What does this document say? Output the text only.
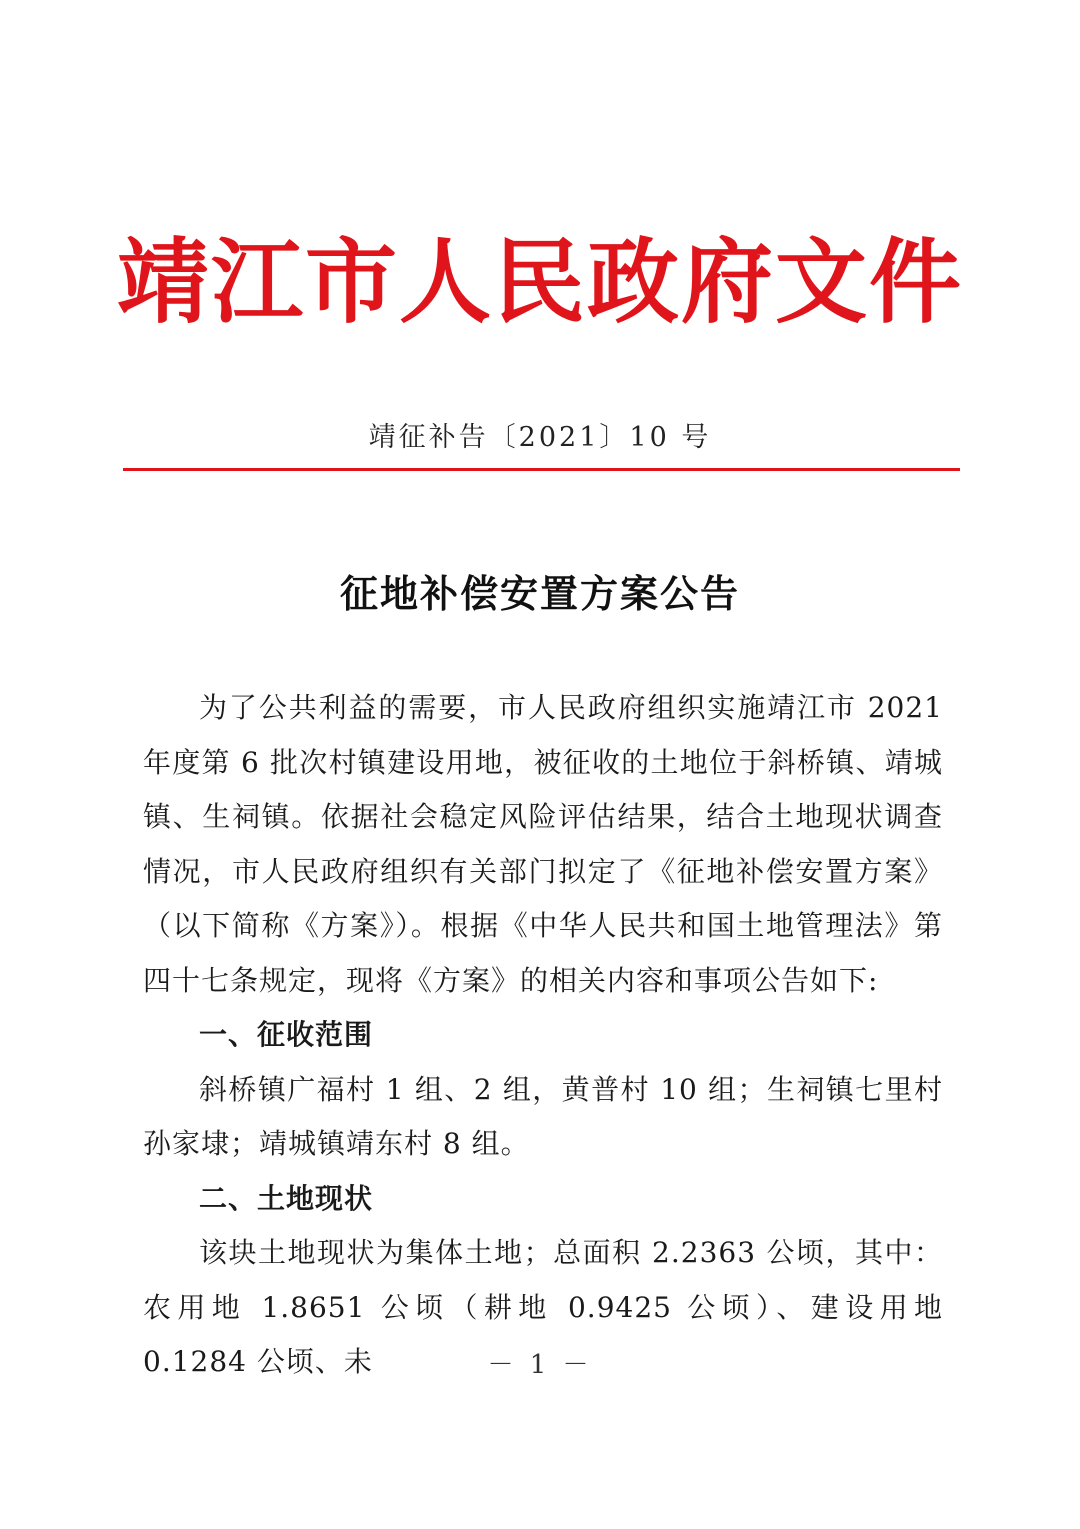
靖江市人民政府文件
靖征补告〔2021〕10 号
征地补偿安置方案公告

为了公共利益的需要，市人民政府组织实施靖江市 2021 年度第 6 批次村镇建设用地，被征收的土地位于斜桥镇、靖城镇、生祠镇。依据社会稳定风险评估结果，结合土地现状调查情况，市人民政府组织有关部门拟定了《征地补偿安置方案》（以下简称《方案》）。根据《中华人民共和国土地管理法》第四十七条规定，现将《方案》的相关内容和事项公告如下:

一、征收范围

斜桥镇广福村 1 组、2 组，黄普村 10 组；生祠镇七里村孙家埭；靖城镇靖东村 8 组。

二、土地现状

该块土地现状为集体土地；总面积 2.2363 公顷，其中：农用地 1.8651 公顷（耕地 0.9425 公顷）、建设用地 0.1284 公顷、未	－ 1 －
